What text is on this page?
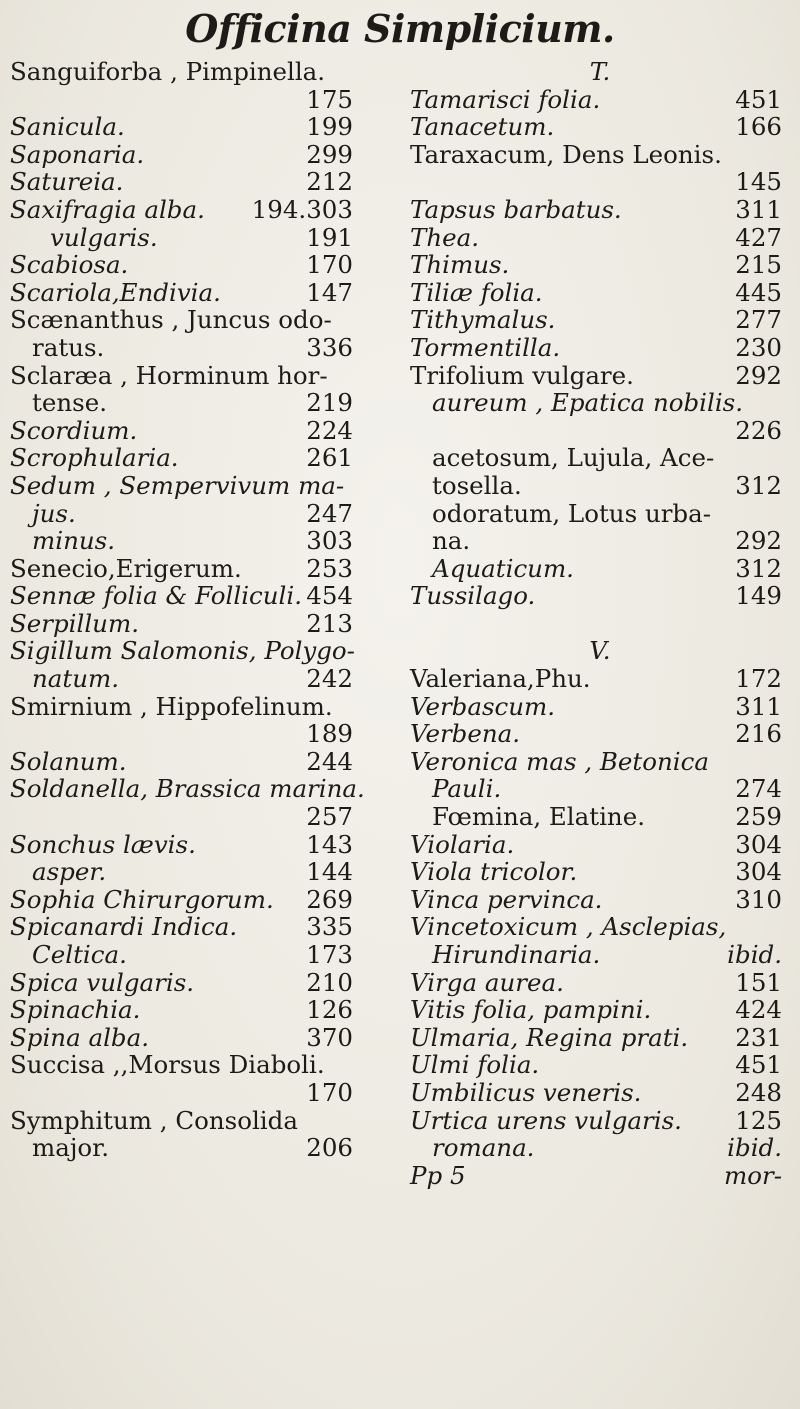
Officina Simplicium.
Sanguiforba , Pimpinella.
175
Sanicula.	199
Saponaria.	299
Satureia.	212
Saxifragia alba. 194.303
vulgaris.	191
Scabiosa.	170
Scariola,Endivia.	147
Scænanthus , Juncus odo-
ratus.	336
Sclaræa , Horminum hor-
tense.	219
Scordium.	224
Scrophularia.	261
Sedum , Sempervivum ma-
jus.	247
minus.	303
Senecio,Erigerum.	253
Sennæ folia & Folliculi. 454
Serpillum.	213
Sigillum Salomonis, Polygo-
natum.	242
Smirnium , Hippofelinum.
189
Solanum.	244
Soldanella, Brassica marina.
257
Sonchus lævis.	143
asper.	144
Sophia Chirurgorum. 269
Spicanardi Indica.	335
Celtica.	173
Spica vulgaris.	210
Spinachia.	126
Spina alba.	370
Succisa ,,Morsus Diaboli.
170
Symphitum , Consolida
major.	206
T.
Tamarisci folia.	451
Tanacetum.	166
Taraxacum, Dens Leonis.
145
Tapsus barbatus.	311
Thea.	427
Thimus.	215
Tiliæ folia.	445
Tithymalus.	277
Tormentilla.	230
Trifolium vulgare.	292
aureum , Epatica nobilis.
226
acetosum, Lujula, Ace-
tosella.	312
odoratum, Lotus urba-
na.	292
Aquaticum.	312
Tussilago.	149
V.
Valeriana,Phu.	172
Verbascum.	311
Verbena.	216
Veronica mas , Betonica
Pauli.	274
Fœmina, Elatine.	259
Violaria.	304
Viola tricolor.	304
Vinca pervinca.	310
Vincetoxicum , Asclepias,
Hirundinaria.	ibid.
Virga aurea.	151
Vitis folia, pampini.	424
Ulmaria, Regina prati. 231
Ulmi folia.	451
Umbilicus veneris.	248
Urtica urens vulgaris. 125
romana.	ibid.
Pp 5	mor-
